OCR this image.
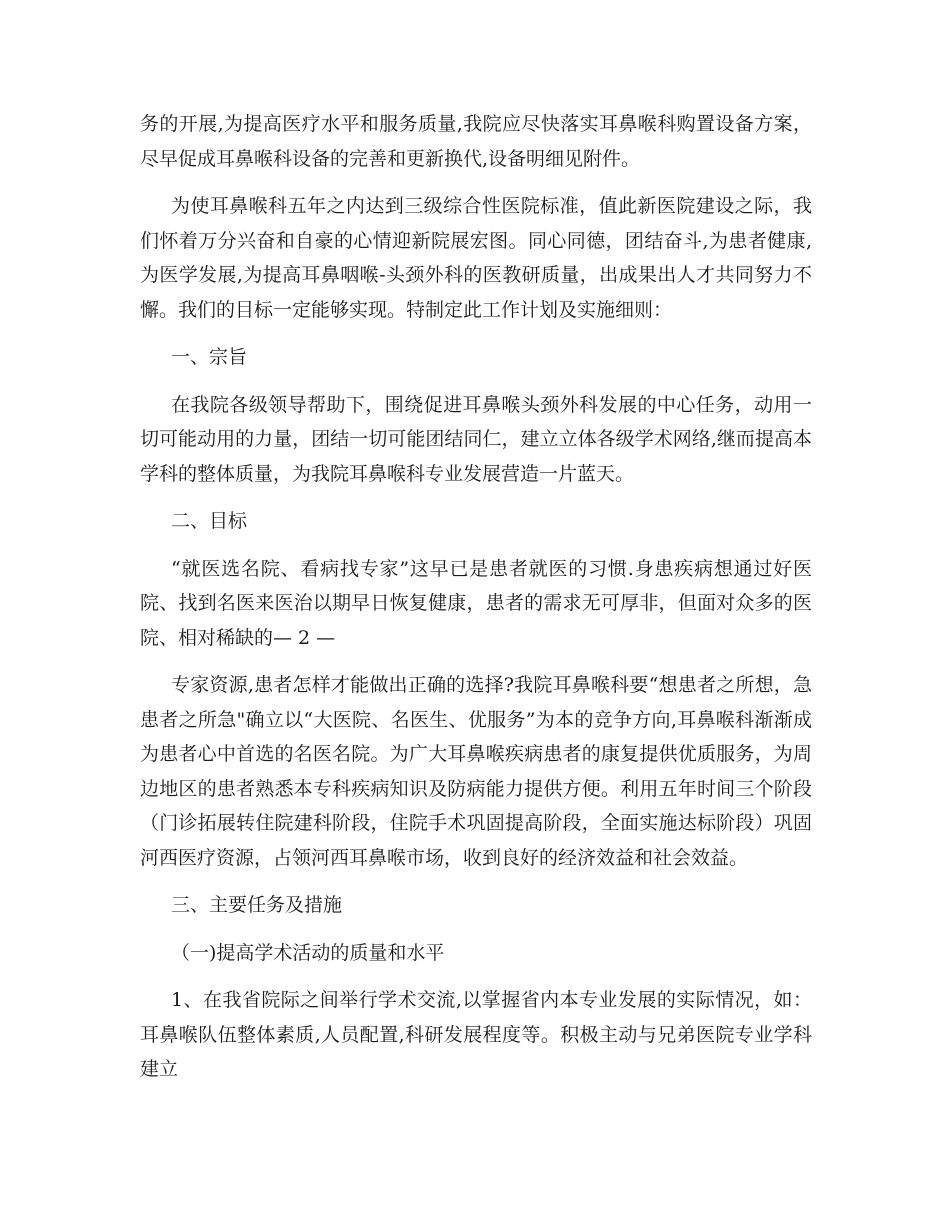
务的开展,为提高医疗水平和服务质量,我院应尽快落实耳鼻喉科购置设备方案，尽早促成耳鼻喉科设备的完善和更新换代,设备明细见附件。

为使耳鼻喉科五年之内达到三级综合性医院标准，值此新医院建设之际，我们怀着万分兴奋和自豪的心情迎新院展宏图。同心同德，团结奋斗,为患者健康,为医学发展,为提高耳鼻咽喉-头颈外科的医教研质量，出成果出人才共同努力不懈。我们的目标一定能够实现。特制定此工作计划及实施细则：

一、宗旨

在我院各级领导帮助下，围绕促进耳鼻喉头颈外科发展的中心任务，动用一切可能动用的力量，团结一切可能团结同仁，建立立体各级学术网络,继而提高本学科的整体质量，为我院耳鼻喉科专业发展营造一片蓝天。

二、目标

“就医选名院、看病找专家”这早已是患者就医的习惯.身患疾病想通过好医院、找到名医来医治以期早日恢复健康，患者的需求无可厚非，但面对众多的医院、相对稀缺的— 2 —

专家资源,患者怎样才能做出正确的选择?我院耳鼻喉科要“想患者之所想，急患者之所急"确立以“大医院、名医生、优服务”为本的竞争方向,耳鼻喉科渐渐成为患者心中首选的名医名院。为广大耳鼻喉疾病患者的康复提供优质服务，为周边地区的患者熟悉本专科疾病知识及防病能力提供方便。利用五年时间三个阶段（门诊拓展转住院建科阶段，住院手术巩固提高阶段，全面实施达标阶段）巩固河西医疗资源，占领河西耳鼻喉市场，收到良好的经济效益和社会效益。

三、主要任务及措施

（一)提高学术活动的质量和水平

1、在我省院际之间举行学术交流,以掌握省内本专业发展的实际情况，如：耳鼻喉队伍整体素质,人员配置,科研发展程度等。积极主动与兄弟医院专业学科建立
